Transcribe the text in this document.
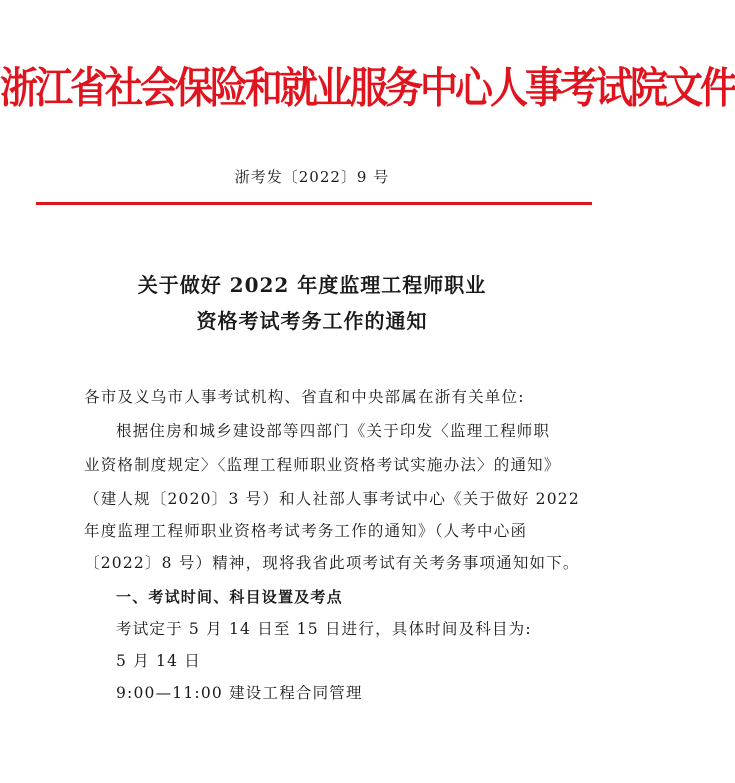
浙江省社会保险和就业服务中心人事考试院文件
浙考发〔2022〕9 号
关于做好 2022 年度监理工程师职业
资格考试考务工作的通知
各市及义乌市人事考试机构、省直和中央部属在浙有关单位:
根据住房和城乡建设部等四部门《关于印发〈监理工程师职
业资格制度规定〉〈监理工程师职业资格考试实施办法〉的通知》
（建人规〔2020〕3 号）和人社部人事考试中心《关于做好 2022
年度监理工程师职业资格考试考务工作的通知》（人考中心函
〔2022〕8 号）精神，现将我省此项考试有关考务事项通知如下。
一、考试时间、科目设置及考点
考试定于 5 月 14 日至 15 日进行，具体时间及科目为:
5 月 14 日
9:00—11:00 建设工程合同管理
